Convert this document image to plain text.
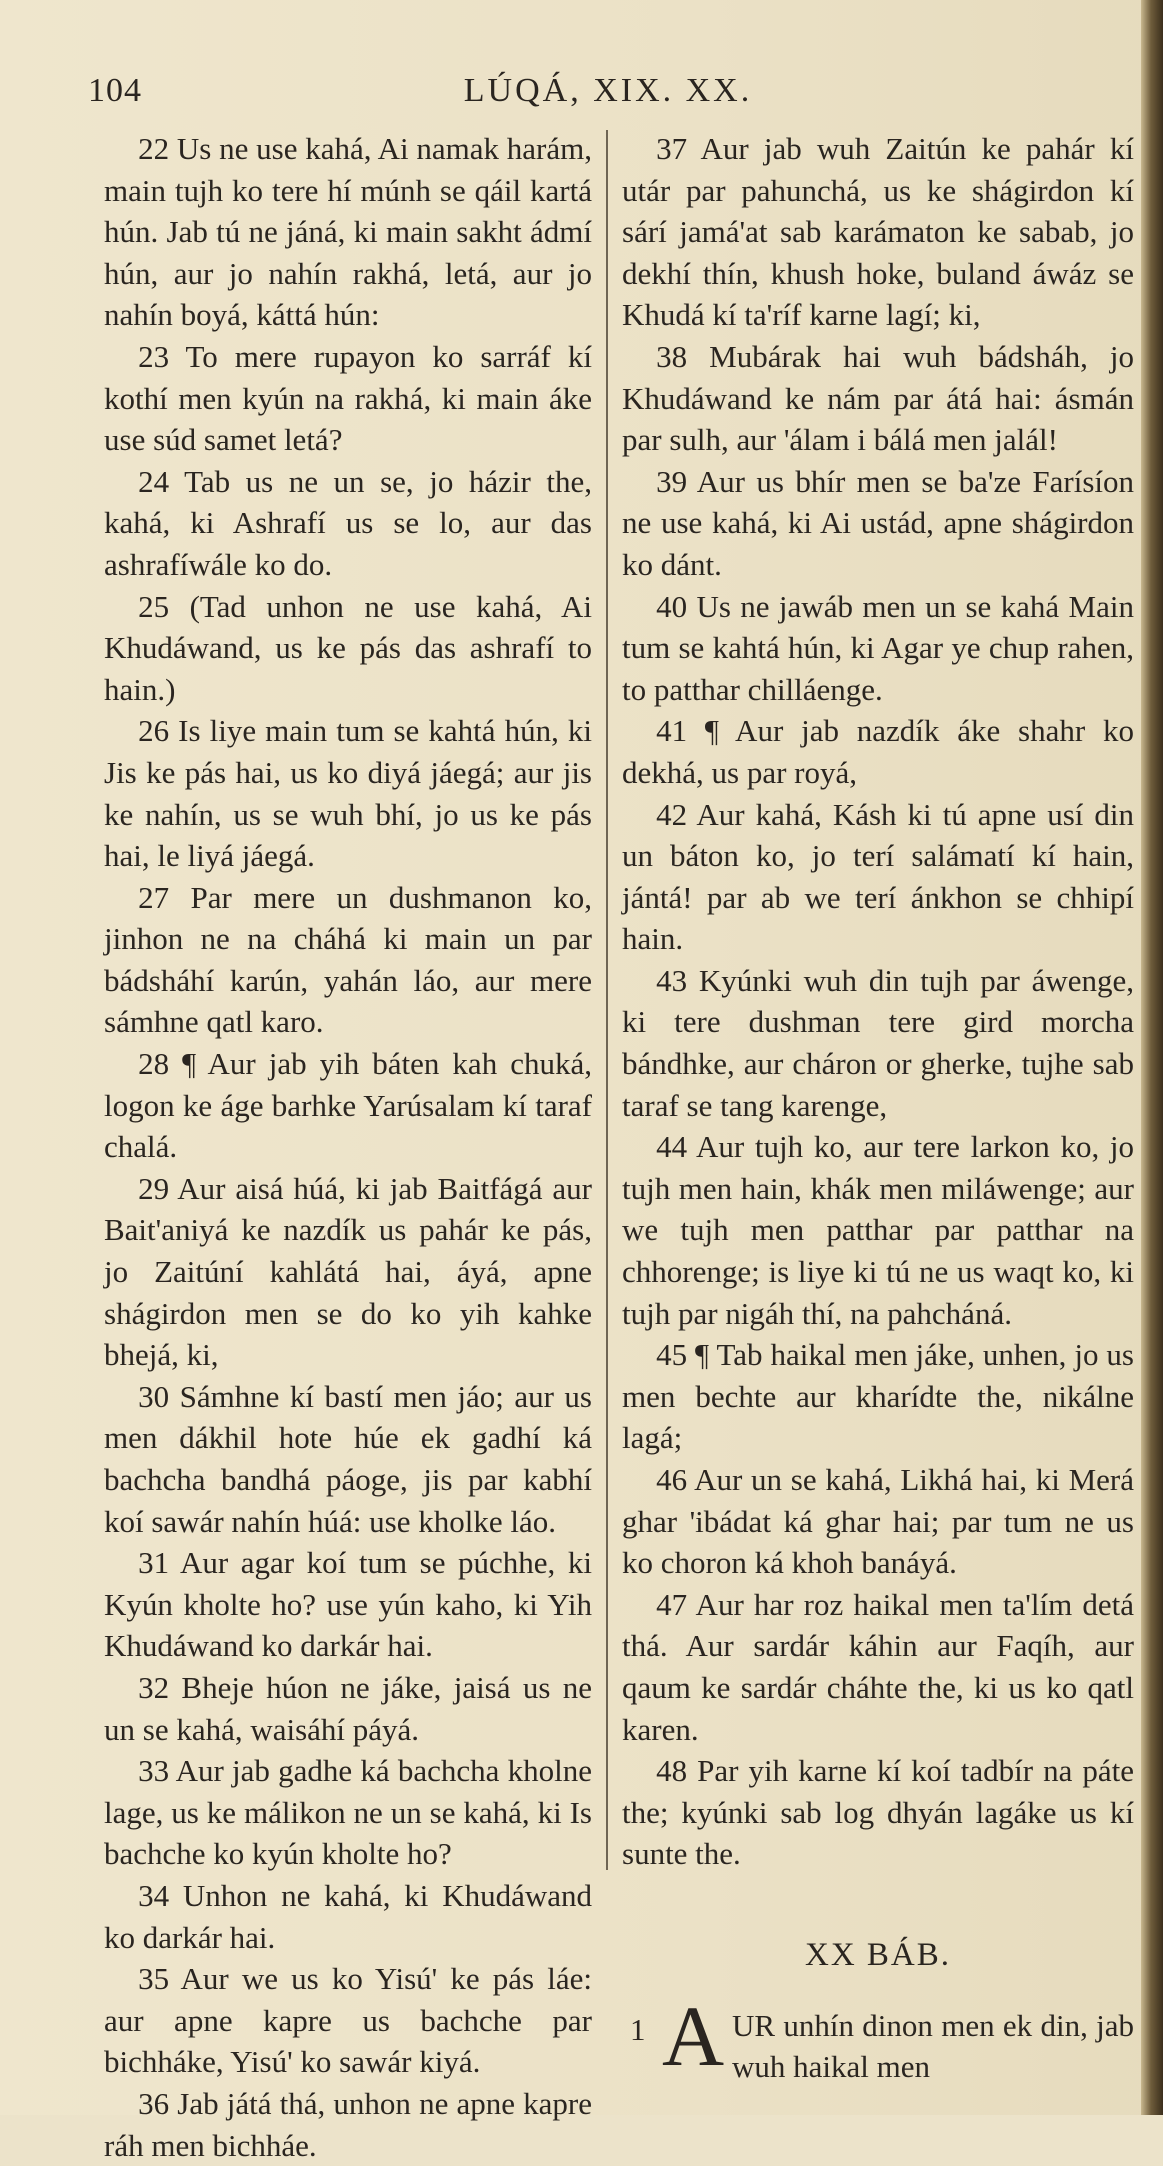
104	LÚQÁ, XIX. XX.

22 Us ne use kahá, Ai namak harám, main tujh ko tere hí múnh se qáil kartá hún. Jab tú ne jáná, ki main sakht ádmí hún, aur jo nahín rakhá, letá, aur jo nahín boyá, káttá hún:

23 To mere rupayon ko sarráf kí kothí men kyún na rakhá, ki main áke use súd samet letá?

24 Tab us ne un se, jo házir the, kahá, ki Ashrafí us se lo, aur das ashrafíwále ko do.

25 (Tad unhon ne use kahá, Ai Khudáwand, us ke pás das ashrafí to hain.)

26 Is liye main tum se kahtá hún, ki Jis ke pás hai, us ko diyá jáegá; aur jis ke nahín, us se wuh bhí, jo us ke pás hai, le liyá jáegá.

27 Par mere un dushmanon ko, jinhon ne na cháhá ki main un par bádsháhí karún, yahán láo, aur mere sámhne qatl karo.

28 ¶ Aur jab yih báten kah chuká, logon ke áge barhke Yarúsalam kí taraf chalá.

29 Aur aisá húá, ki jab Baitfágá aur Bait'aniyá ke nazdík us pahár ke pás, jo Zaitúní kahlátá hai, áyá, apne shágirdon men se do ko yih kahke bhejá, ki,

30 Sámhne kí bastí men jáo; aur us men dákhil hote húe ek gadhí ká bachcha bandhá páoge, jis par kabhí koí sawár nahín húá: use kholke láo.

31 Aur agar koí tum se púchhe, ki Kyún kholte ho? use yún kaho, ki Yih Khudáwand ko darkár hai.

32 Bheje húon ne jáke, jaisá us ne un se kahá, waisáhí páyá.

33 Aur jab gadhe ká bachcha kholne lage, us ke málikon ne un se kahá, ki Is bachche ko kyún kholte ho?

34 Unhon ne kahá, ki Khudáwand ko darkár hai.

35 Aur we us ko Yisú' ke pás láe: aur apne kapre us bachche par bichháke, Yisú' ko sawár kiyá.

36 Jab játá thá, unhon ne apne kapre ráh men bichháe.

37 Aur jab wuh Zaitún ke pahár kí utár par pahunchá, us ke shágirdon kí sárí jamá'at sab karámaton ke sabab, jo dekhí thín, khush hoke, buland áwáz se Khudá kí ta'ríf karne lagí; ki,

38 Mubárak hai wuh bádsháh, jo Khudáwand ke nám par átá hai: ásmán par sulh, aur 'álam i bálá men jalál!

39 Aur us bhír men se ba'ze Farísíon ne use kahá, ki Ai ustád, apne shágirdon ko dánt.

40 Us ne jawáb men un se kahá Main tum se kahtá hún, ki Agar ye chup rahen, to patthar chilláenge.

41 ¶ Aur jab nazdík áke shahr ko dekhá, us par royá,

42 Aur kahá, Kásh ki tú apne usí din un báton ko, jo terí salámatí kí hain, jántá! par ab we terí ánkhon se chhipí hain.

43 Kyúnki wuh din tujh par áwenge, ki tere dushman tere gird morcha bándhke, aur cháron or gherke, tujhe sab taraf se tang karenge,

44 Aur tujh ko, aur tere larkon ko, jo tujh men hain, khák men miláwenge; aur we tujh men patthar par patthar na chhorenge; is liye ki tú ne us waqt ko, ki tujh par nigáh thí, na pahcháná.

45 ¶ Tab haikal men jáke, unhen, jo us men bechte aur kharídte the, nikálne lagá;

46 Aur un se kahá, Likhá hai, ki Merá ghar 'ibádat ká ghar hai; par tum ne us ko choron ká khoh banáyá.

47 Aur har roz haikal men ta'lím detá thá. Aur sardár káhin aur Faqíh, aur qaum ke sardár cháhte the, ki us ko qatl karen.

48 Par yih karne kí koí tadbír na páte the; kyúnki sab log dhyán lagáke us kí sunte the.

XX BÁB.
1 A UR unhín dinon men ek din, jab wuh haikal men
